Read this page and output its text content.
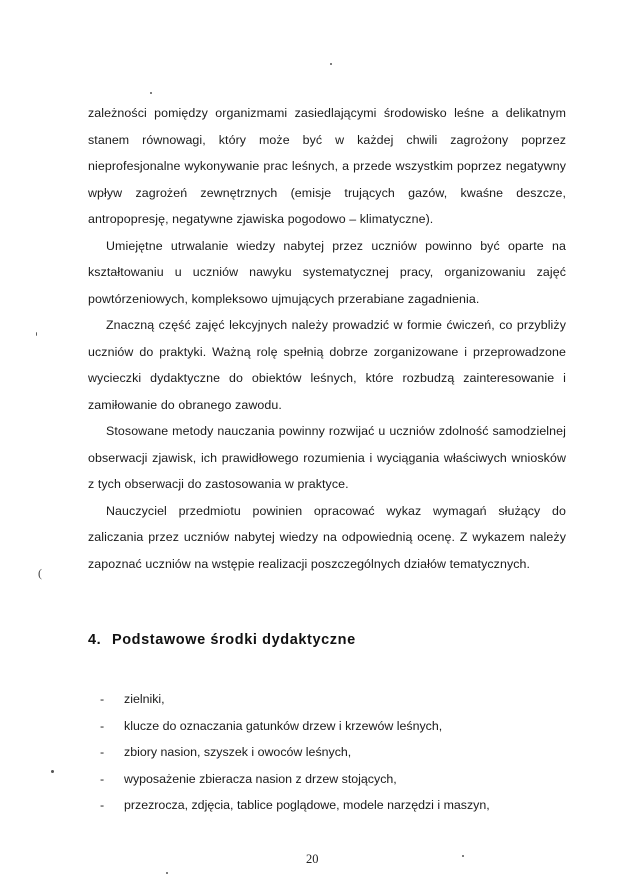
zależności pomiędzy organizmami zasiedlającymi środowisko leśne a delikatnym stanem równowagi, który może być w każdej chwili zagrożony poprzez nieprofesjonalne wykonywanie prac leśnych, a przede wszystkim poprzez negatywny wpływ zagrożeń zewnętrznych (emisje trujących gazów, kwaśne deszcze, antropopresję, negatywne zjawiska pogodowo – klimatyczne).

Umiejętne utrwalanie wiedzy nabytej przez uczniów powinno być oparte na kształtowaniu u uczniów nawyku systematycznej pracy, organizowaniu zajęć powtórzeniowych, kompleksowo ujmujących przerabiane zagadnienia.

Znaczną część zajęć lekcyjnych należy prowadzić w formie ćwiczeń, co przybliży uczniów do praktyki. Ważną rolę spełnią dobrze zorganizowane i przeprowadzone wycieczki dydaktyczne do obiektów leśnych, które rozbudzą zainteresowanie i zamiłowanie do obranego zawodu.

Stosowane metody nauczania powinny rozwijać u uczniów zdolność samodzielnej obserwacji zjawisk, ich prawidłowego rozumienia i wyciągania właściwych wniosków z tych obserwacji do zastosowania w praktyce.

Nauczyciel przedmiotu powinien opracować wykaz wymagań służący do zaliczania przez uczniów nabytej wiedzy na odpowiednią ocenę. Z wykazem należy zapoznać uczniów na wstępie realizacji poszczególnych działów tematycznych.

4. Podstawowe środki dydaktyczne
- zielniki,
- klucze do oznaczania gatunków drzew i krzewów leśnych,
- zbiory nasion, szyszek i owoców leśnych,
- wyposażenie zbieracza nasion z drzew stojących,
- przezrocza, zdjęcia, tablice poglądowe, modele narzędzi i maszyn,
20
(
